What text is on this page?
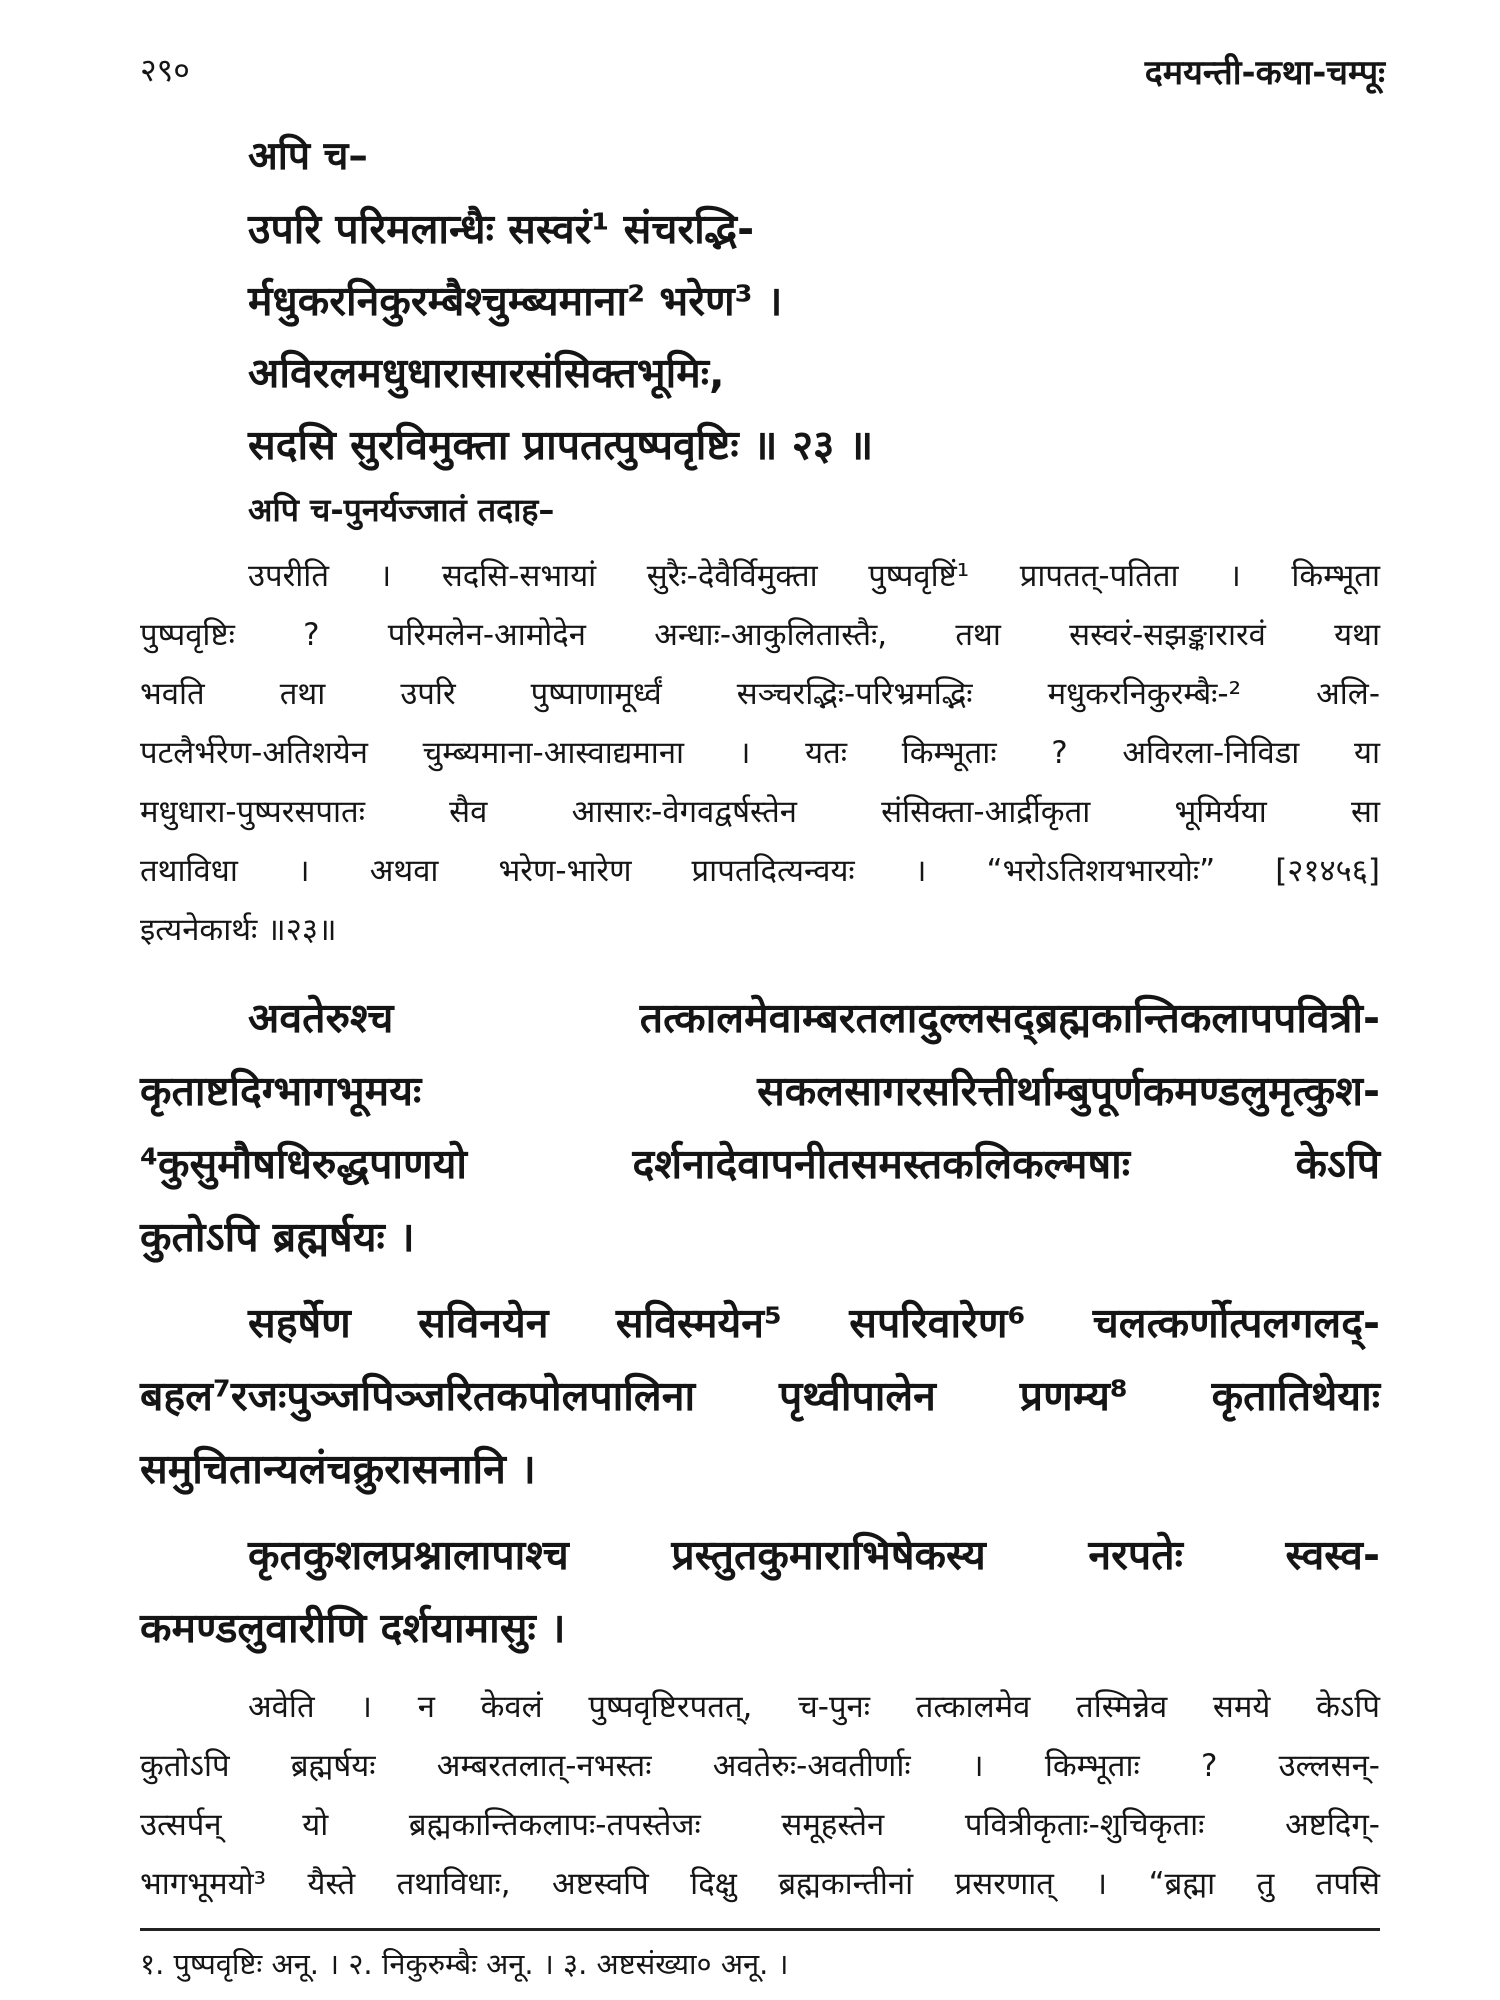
२९०	दमयन्ती-कथा-चम्पूः
अपि च–
उपरि परिमलान्धैः सस्वरं¹ संचरद्भि-
र्मधुकरनिकुरम्बैश्चुम्ब्यमाना² भरेण³ ।
अविरलमधुधारासारसंसिक्तभूमिः,
सदसि सुरविमुक्ता प्रापतत्पुष्पवृष्टिः ॥ २३ ॥
अपि च-पुनर्यज्जातं तदाह–
उपरीति । सदसि-सभायां सुरैः-देवैर्विमुक्ता पुष्पवृष्टिं¹ प्रापतत्-पतिता । किम्भूता
पुष्पवृष्टिः ? परिमलेन-आमोदेन अन्धाः-आकुलितास्तैः, तथा सस्वरं-सझङ्कारारवं यथा
भवति तथा उपरि पुष्पाणामूर्ध्वं सञ्चरद्भिः-परिभ्रमद्भिः मधुकरनिकुरम्बैः-² अलि-
पटलैर्भरेण-अतिशयेन चुम्ब्यमाना-आस्वाद्यमाना । यतः किम्भूताः ? अविरला-निविडा या
मधुधारा-पुष्परसपातः सैव आसारः-वेगवद्वर्षस्तेन संसिक्ता-आर्द्रीकृता भूमिर्यया सा
तथाविधा । अथवा भरेण-भारेण प्रापतदित्यन्वयः । “भरोऽतिशयभारयोः” [२१४५६]
इत्यनेकार्थः ॥२३॥
अवतेरुश्च तत्कालमेवाम्बरतलादुल्लसद्ब्रह्मकान्तिकलापपवित्री-
कृताष्टदिग्भागभूमयः सकलसागरसरित्तीर्थाम्बुपूर्णकमण्डलुमृत्कुश-
⁴कुसुमौषधिरुद्धपाणयो दर्शनादेवापनीतसमस्तकलिकल्मषाः केऽपि
कुतोऽपि ब्रह्मर्षयः ।
सहर्षेण सविनयेन सविस्मयेन⁵ सपरिवारेण⁶ चलत्कर्णोत्पलगलद्-
बहल⁷रजःपुञ्जपिञ्जरितकपोलपालिना पृथ्वीपालेन प्रणम्य⁸ कृतातिथेयाः
समुचितान्यलंचक्रुरासनानि ।
कृतकुशलप्रश्नालापाश्च प्रस्तुतकुमाराभिषेकस्य नरपतेः स्वस्व-
कमण्डलुवारीणि दर्शयामासुः ।
अवेति । न केवलं पुष्पवृष्टिरपतत्, च-पुनः तत्कालमेव तस्मिन्नेव समये केऽपि
कुतोऽपि ब्रह्मर्षयः अम्बरतलात्-नभस्तः अवतेरुः-अवतीर्णाः । किम्भूताः ? उल्लसन्-
उत्सर्पन् यो ब्रह्मकान्तिकलापः-तपस्तेजः समूहस्तेन पवित्रीकृताः-शुचिकृताः अष्टदिग्-
भागभूमयो³ यैस्ते तथाविधाः, अष्टस्वपि दिक्षु ब्रह्मकान्तीनां प्रसरणात् । “ब्रह्मा तु तपसि
१. पुष्पवृष्टिः अनू. । २. निकुरुम्बैः अनू. । ३. अष्टसंख्या० अनू. ।
